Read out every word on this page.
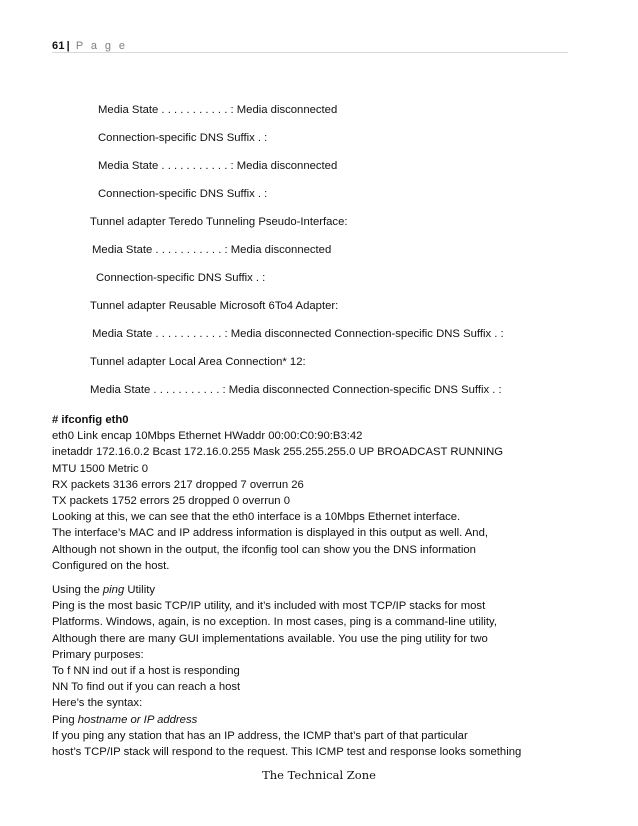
61 | P a g e
Media State . . . . . . . . . . . : Media disconnected
Connection-specific DNS Suffix . :
Media State . . . . . . . . . . . : Media disconnected
Connection-specific DNS Suffix . :
Tunnel adapter Teredo Tunneling Pseudo-Interface:
Media State . . . . . . . . . . . : Media disconnected
Connection-specific DNS Suffix . :
Tunnel adapter Reusable Microsoft 6To4 Adapter:
Media State . . . . . . . . . . . : Media disconnected Connection-specific DNS Suffix . :
Tunnel adapter Local Area Connection* 12:
Media State . . . . . . . . . . . : Media disconnected Connection-specific DNS Suffix . :

# ifconfig eth0

eth0 Link encap 10Mbps Ethernet HWaddr 00:00:C0:90:B3:42

inetaddr 172.16.0.2 Bcast 172.16.0.255 Mask 255.255.255.0 UP BROADCAST RUNNING

MTU 1500 Metric 0

RX packets 3136 errors 217 dropped 7 overrun 26

TX packets 1752 errors 25 dropped 0 overrun 0

Looking at this, we can see that the eth0 interface is a 10Mbps Ethernet interface.

The interface’s MAC and IP address information is displayed in this output as well. And,

Although not shown in the output, the ifconfig tool can show you the DNS information

Configured on the host.

Using the ping Utility

Ping is the most basic TCP/IP utility, and it’s included with most TCP/IP stacks for most

Platforms. Windows, again, is no exception. In most cases, ping is a command-line utility,

Although there are many GUI implementations available. You use the ping utility for two

Primary purposes:

To f NN ind out if a host is responding

NN To find out if you can reach a host

Here’s the syntax:

Ping hostname or IP address

If you ping any station that has an IP address, the ICMP that’s part of that particular

host’s TCP/IP stack will respond to the request. This ICMP test and response looks something

The Technical Zone
